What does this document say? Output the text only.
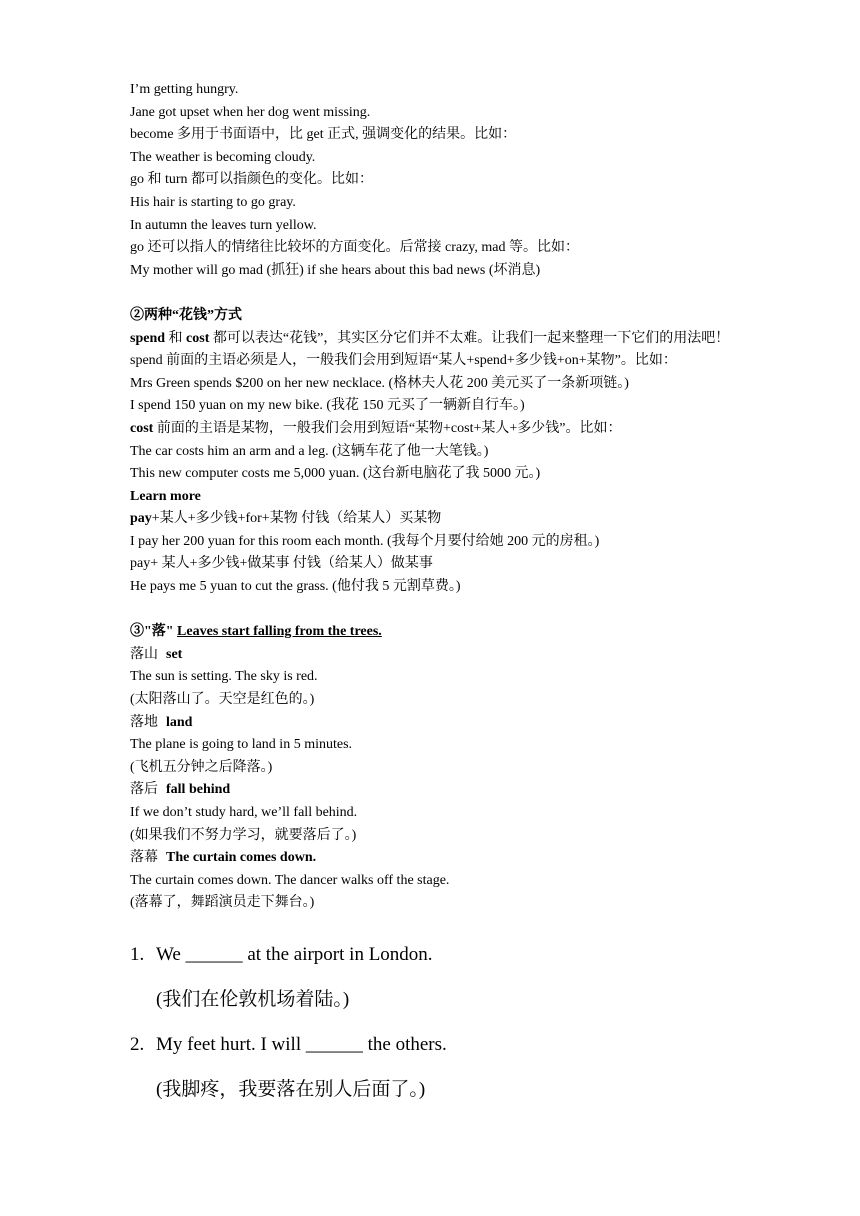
I’m getting hungry.
Jane got upset when her dog went missing.
become 多用于书面语中，比 get 正式, 强调变化的结果。比如：
The weather is becoming cloudy.
go 和 turn 都可以指颜色的变化。比如：
His hair is starting to go gray.
In autumn the leaves turn yellow.
go 还可以指人的情绪往比较坏的方面变化。后常接 crazy, mad 等。比如：
My mother will go mad (抓狂) if she hears about this bad news (坏消息)
②两种“花钱”方式
spend 和 cost 都可以表达“花钱”，其实区分它们并不太难。让我们一起来整理一下它们的用法吧！
spend 前面的主语必须是人，一般我们会用到短语“某人+spend+多少钱+on+某物”。比如：
Mrs Green spends $200 on her new necklace. (格林夫人花 200 美元买了一条新项链。)
I spend 150 yuan on my new bike. (我花 150 元买了一辆新自行车。)
cost 前面的主语是某物，一般我们会用到短语“某物+cost+某人+多少钱”。比如：
The car costs him an arm and a leg. (这辆车花了他一大笔钱。)
This new computer costs me 5,000 yuan. (这台新电脑花了我 5000 元。)
Learn more
pay+某人+多少钱+for+某物 付钱（给某人）买某物
I pay her 200 yuan for this room each month. (我每个月要付给她 200 元的房租。)
pay+ 某人+多少钱+做某事 付钱（给某人）做某事
He pays me 5 yuan to cut the grass. (他付我 5 元割草费。)
③"落" Leaves start falling from the trees.
落山 set
The sun is setting. The sky is red.
(太阳落山了。天空是红色的。)
落地 land
The plane is going to land in 5 minutes.
(飞机五分钟之后降落。)
落后 fall behind
If we don’t study hard, we’ll fall behind.
(如果我们不努力学习，就要落后了。)
落幕 The curtain comes down.
The curtain comes down. The dancer walks off the stage.
(落幕了，舞蹈演员走下舞台。)
1. We ______ at the airport in London.
(我们在伦敦机场着陆。)
2. My feet hurt. I will ______ the others.
(我脚疼，我要落在别人后面了。)
